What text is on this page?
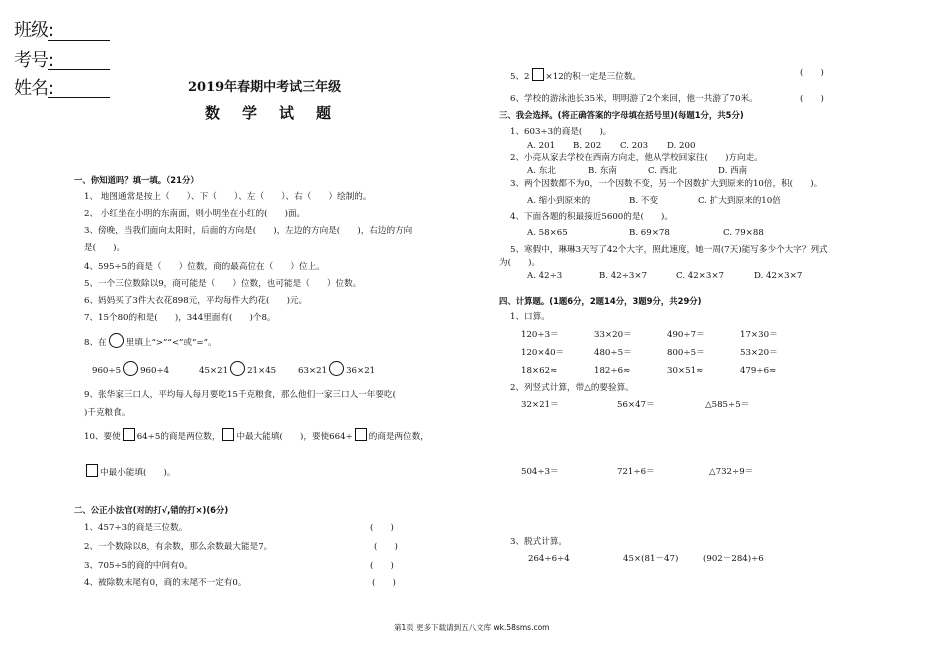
班级:
考号:
姓名:	2019年春期中考试三年级
数学试题
一、你知道吗？填一填。（21分）
1、 地图通常是按上（　　）、下（　　）、左（　　）、右（　　）绘制的。
2、 小红坐在小明的东南面，则小明坐在小红的(　　)面。
3、傍晚，当我们面向太阳时，后面的方向是(　　)，左边的方向是(　　)，右边的方向
是(　　)。
4、595÷5的商是（　　）位数，商的最高位在（　　）位上。
5、一个三位数除以9，商可能是（　　）位数，也可能是（　　）位数。
6、妈妈买了3件大衣花898元，平均每件大约花(　　)元。
7、15个80的和是(　　)，344里面有(　　)个8。
8、在 里填上“>”“<”或“=”。
960÷5 960÷4	45×21 21×45	63×21 36×21
9、张华家三口人，平均每人每月要吃15千克粮食，那么他们一家三口人一年要吃(
)千克粮食。
10、要使 64÷5的商是两位数， 中最大能填(　　)，要使664÷ 的商是两位数，
中最小能填(　　)。
二、公正小法官(对的打√,错的打×)(6分)
1、457÷3的商是三位数。	(　　)
2、一个数除以8，有余数，那么余数最大能是7。	(　　)
3、705÷5的商的中间有0。	(　　)
4、被除数末尾有0，商的末尾不一定有0。	(　　)
5、2 ×12的积一定是三位数。	(　　)
6、学校的游泳池长35米，明明游了2个来回，他一共游了70米。	(　　)
三、我会选择。(将正确答案的字母填在括号里)(每题1分，共5分)
1、603÷3的商是(　　)。
A. 201 B. 202 C. 203 D. 200
2、小亮从家去学校在西南方向走，他从学校回家往(　　)方向走。
A. 东北	B. 东南	C. 西北	D. 西南
3、两个因数都不为0，一个因数不变，另一个因数扩大到原来的10倍，积(　　)。
A. 缩小到原来的	B. 不变	C. 扩大到原来的10倍
4、下面各题的积最接近5600的是(　　)。
A. 58×65	B. 69×78	C. 79×88
5、寒假中，琳琳3天写了42个大字，照此速度，她一周(7天)能写多少个大字？列式
为(　　)。
A. 42÷3	B. 42÷3×7	C. 42×3×7	D. 42×3×7
四、计算题。(1题6分，2题14分，3题9分，共29分)
1、口算。
120÷3＝	33×20＝	490÷7＝	17×30＝
120×40＝	480÷5＝	800÷5＝	53×20＝
18×62≈	182÷6≈	30×51≈	479÷6≈
2、列竖式计算，带△的要验算。
32×21＝	56×47＝	△585÷5＝
504÷3＝	721÷6＝	△732÷9＝
3、脱式计算。
264÷6÷4	45×(81－47)	(902－284)÷6
第1页 更多下载请到五八文库 wk.58sms.com
